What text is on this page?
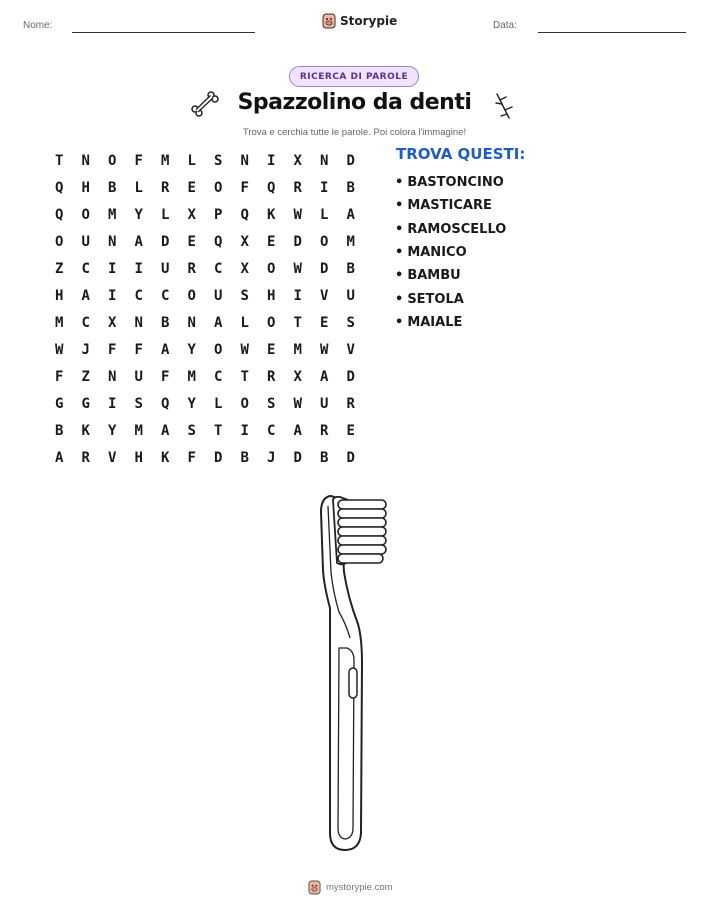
Nome:	Storypie	Data:
RICERCA DI PAROLE
Spazzolino da denti
Trova e cerchia tutte le parole. Poi colora l'immagine!
T	N	O	F	M	L	S	N	I	X	N	D
Q	H	B	L	R	E	O	F	Q	R	I	B
Q	O	M	Y	L	X	P	Q	K	W	L	A
O	U	N	A	D	E	Q	X	E	D	O	M
Z	C	I	I	U	R	C	X	O	W	D	B
H	A	I	C	C	O	U	S	H	I	V	U
M	C	X	N	B	N	A	L	O	T	E	S
W	J	F	F	A	Y	O	W	E	M	W	V
F	Z	N	U	F	M	C	T	R	X	A	D
G	G	I	S	Q	Y	L	O	S	W	U	R
B	K	Y	M	A	S	T	I	C	A	R	E
A	R	V	H	K	F	D	B	J	D	B	D
TROVA QUESTI:
• BASTONCINO
• MASTICARE
• RAMOSCELLO
• MANICO
• BAMBU
• SETOLA
• MAIALE
mystorypie.com
